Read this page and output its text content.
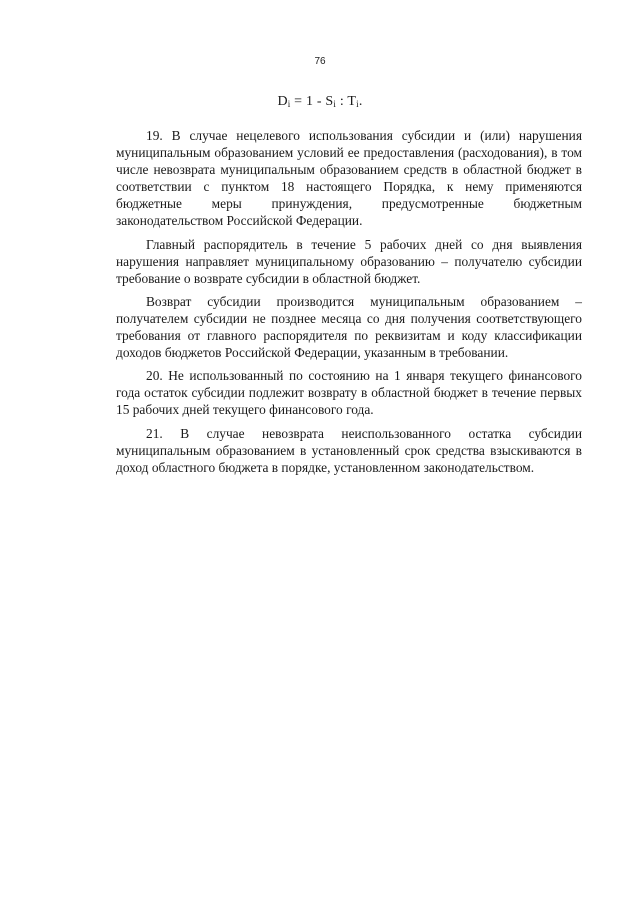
76
$D_i = 1 - S_i$ : $T_i$.

19. В случае нецелевого использования субсидии и (или) нарушения муниципальным образованием условий ее предоставления (расходования), в том числе невозврата муниципальным образованием средств в областной бюджет в соответствии с пунктом 18 настоящего Порядка, к нему применяются бюджетные меры принуждения, предусмотренные бюджетным законодательством Российской Федерации.

Главный распорядитель в течение 5 рабочих дней со дня выявления нарушения направляет муниципальному образованию – получателю субсидии требование о возврате субсидии в областной бюджет.

Возврат субсидии производится муниципальным образованием – получателем субсидии не позднее месяца со дня получения соответствующего требования от главного распорядителя по реквизитам и коду классификации доходов бюджетов Российской Федерации, указанным в требовании.

20. Не использованный по состоянию на 1 января текущего финансового года остаток субсидии подлежит возврату в областной бюджет в течение первых 15 рабочих дней текущего финансового года.

21. В случае невозврата неиспользованного остатка субсидии муниципальным образованием в установленный срок средства взыскиваются в доход областного бюджета в порядке, установленном законодательством.
